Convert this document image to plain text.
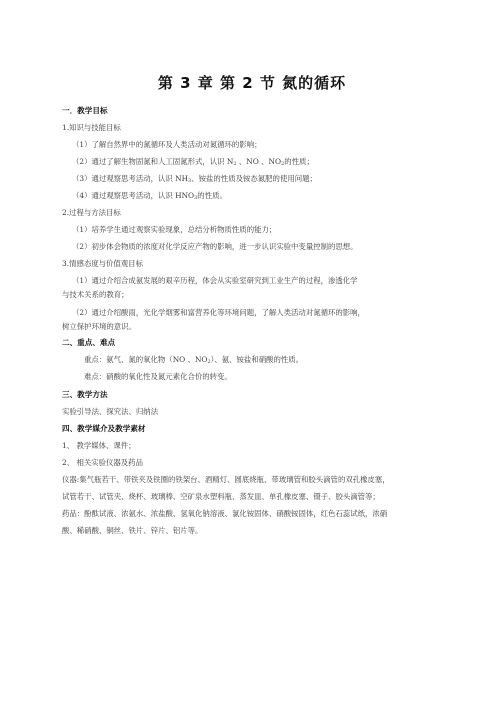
第 3 章 第 2 节 氮的循环
一．教学目标
1.知识与技能目标
（1）了解自然界中的氮循环及人类活动对氮循环的影响；
（2）通过了解生物固氮和人工固氮形式，认识 $N_2$ 、NO 、$NO_2$的性质；
（3）通过观察思考活动，认识 $NH_3$、铵盐的性质及铵态氮肥的使用问题；
（4）通过观察思考活动，认识 $HNO_3$的性质。
2.过程与方法目标
（1）培养学生通过观察实验现象，总结分析物质性质的能力；
（2）初步体会物质的浓度对化学反应产物的影响，进一步认识实验中变量控制的思想。
3.情感态度与价值观目标
（1）通过介绍合成氨发展的艰辛历程，体会从实验室研究到工业生产的过程，渗透化学
与技术关系的教育；
（2）通过介绍酸雨，光化学烟雾和富营养化等环境问题，了解人类活动对氮循环的影响，
树立保护环境的意识。
二、重点、难点
重点：氨气、氮的氧化物（NO 、$NO_2$）、氨、铵盐和硝酸的性质。
难点：硝酸的氧化性及氮元素化合价的转变。
三、教学方法
实验引导法、探究法、归纳法
四、教学媒介及教学素材
1、 教学媒体、课件；
2、 相关实验仪器及药品
仪器:集气瓶若干、带铁夹及铁圈的铁架台、酒精灯、圆底烧瓶、带玻璃管和胶头滴管的双孔橡皮塞，
试管若干、试管夹、烧杯、玻璃棒、空矿泉水塑料瓶、蒸发皿、单孔橡皮塞、镊子、胶头滴管等；
药品：酚酞试液、浓氨水、浓盐酸、氢氧化钠溶液、氯化铵固体、硝酸铵固体，红色石蕊试纸，浓硝
酸、稀硝酸、铜丝、铁片、锌片、铝片等。
